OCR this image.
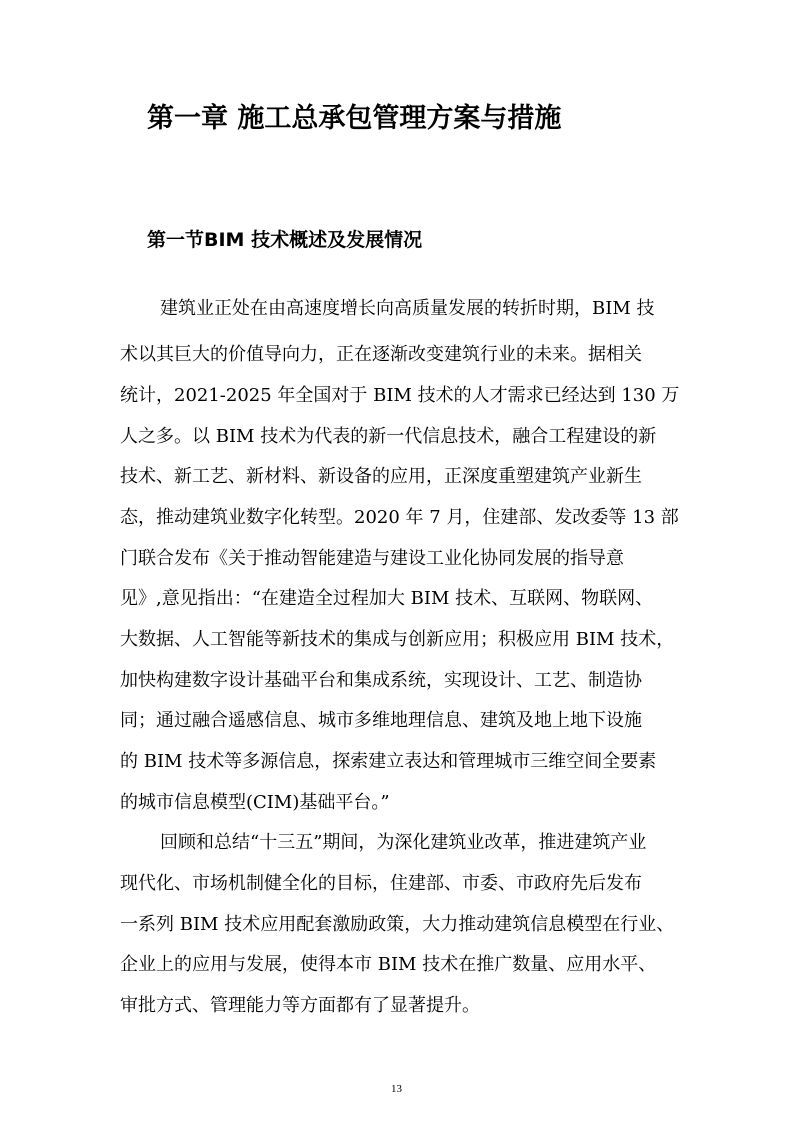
第一章 施工总承包管理方案与措施
第一节BIM 技术概述及发展情况
建筑业正处在由高速度增长向高质量发展的转折时期，BIM 技
术以其巨大的价值导向力，正在逐渐改变建筑行业的未来。据相关
统计，2021-2025 年全国对于 BIM 技术的人才需求已经达到 130 万
人之多。以 BIM 技术为代表的新一代信息技术，融合工程建设的新
技术、新工艺、新材料、新设备的应用，正深度重塑建筑产业新生
态，推动建筑业数字化转型。2020 年 7 月，住建部、发改委等 13 部
门联合发布《关于推动智能建造与建设工业化协同发展的指导意
见》,意见指出：“在建造全过程加大 BIM 技术、互联网、物联网、
大数据、人工智能等新技术的集成与创新应用；积极应用 BIM 技术，
加快构建数字设计基础平台和集成系统，实现设计、工艺、制造协
同；通过融合遥感信息、城市多维地理信息、建筑及地上地下设施
的 BIM 技术等多源信息，探索建立表达和管理城市三维空间全要素
的城市信息模型(CIM)基础平台。”
回顾和总结“十三五”期间，为深化建筑业改革，推进建筑产业
现代化、市场机制健全化的目标，住建部、市委、市政府先后发布
一系列 BIM 技术应用配套激励政策，大力推动建筑信息模型在行业、
企业上的应用与发展，使得本市 BIM 技术在推广数量、应用水平、
审批方式、管理能力等方面都有了显著提升。
13
